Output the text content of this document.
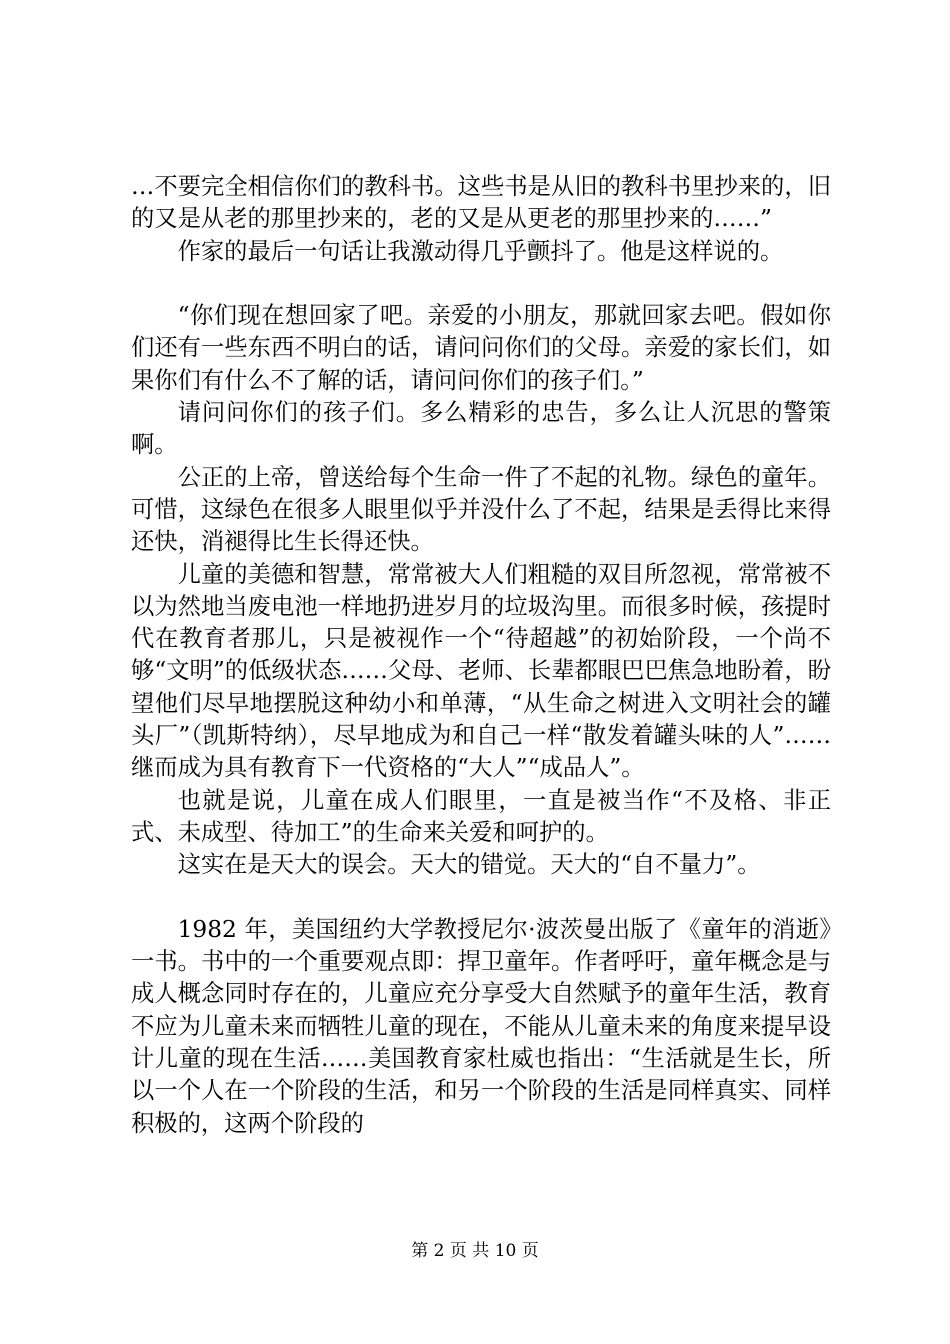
…不要完全相信你们的教科书。这些书是从旧的教科书里抄来的，旧的又是从老的那里抄来的，老的又是从更老的那里抄来的……”

作家的最后一句话让我激动得几乎颤抖了。他是这样说的。

“你们现在想回家了吧。亲爱的小朋友，那就回家去吧。假如你们还有一些东西不明白的话，请问问你们的父母。亲爱的家长们，如果你们有什么不了解的话，请问问你们的孩子们。”

请问问你们的孩子们。多么精彩的忠告，多么让人沉思的警策啊。

公正的上帝，曾送给每个生命一件了不起的礼物。绿色的童年。可惜，这绿色在很多人眼里似乎并没什么了不起，结果是丢得比来得还快，消褪得比生长得还快。

儿童的美德和智慧，常常被大人们粗糙的双目所忽视，常常被不以为然地当废电池一样地扔进岁月的垃圾沟里。而很多时候，孩提时代在教育者那儿，只是被视作一个“待超越”的初始阶段，一个尚不够“文明”的低级状态……父母、老师、长辈都眼巴巴焦急地盼着，盼望他们尽早地摆脱这种幼小和单薄，“从生命之树进入文明社会的罐头厂”（凯斯特纳），尽早地成为和自己一样“散发着罐头味的人”……继而成为具有教育下一代资格的“大人”“成品人”。

也就是说，儿童在成人们眼里，一直是被当作“不及格、非正式、未成型、待加工”的生命来关爱和呵护的。

这实在是天大的误会。天大的错觉。天大的“自不量力”。

1982 年，美国纽约大学教授尼尔·波茨曼出版了《童年的消逝》一书。书中的一个重要观点即：捍卫童年。作者呼吁，童年概念是与成人概念同时存在的，儿童应充分享受大自然赋予的童年生活，教育不应为儿童未来而牺牲儿童的现在，不能从儿童未来的角度来提早设计儿童的现在生活……美国教育家杜威也指出：“生活就是生长，所以一个人在一个阶段的生活，和另一个阶段的生活是同样真实、同样积极的，这两个阶段的

第 2 页 共 10 页
